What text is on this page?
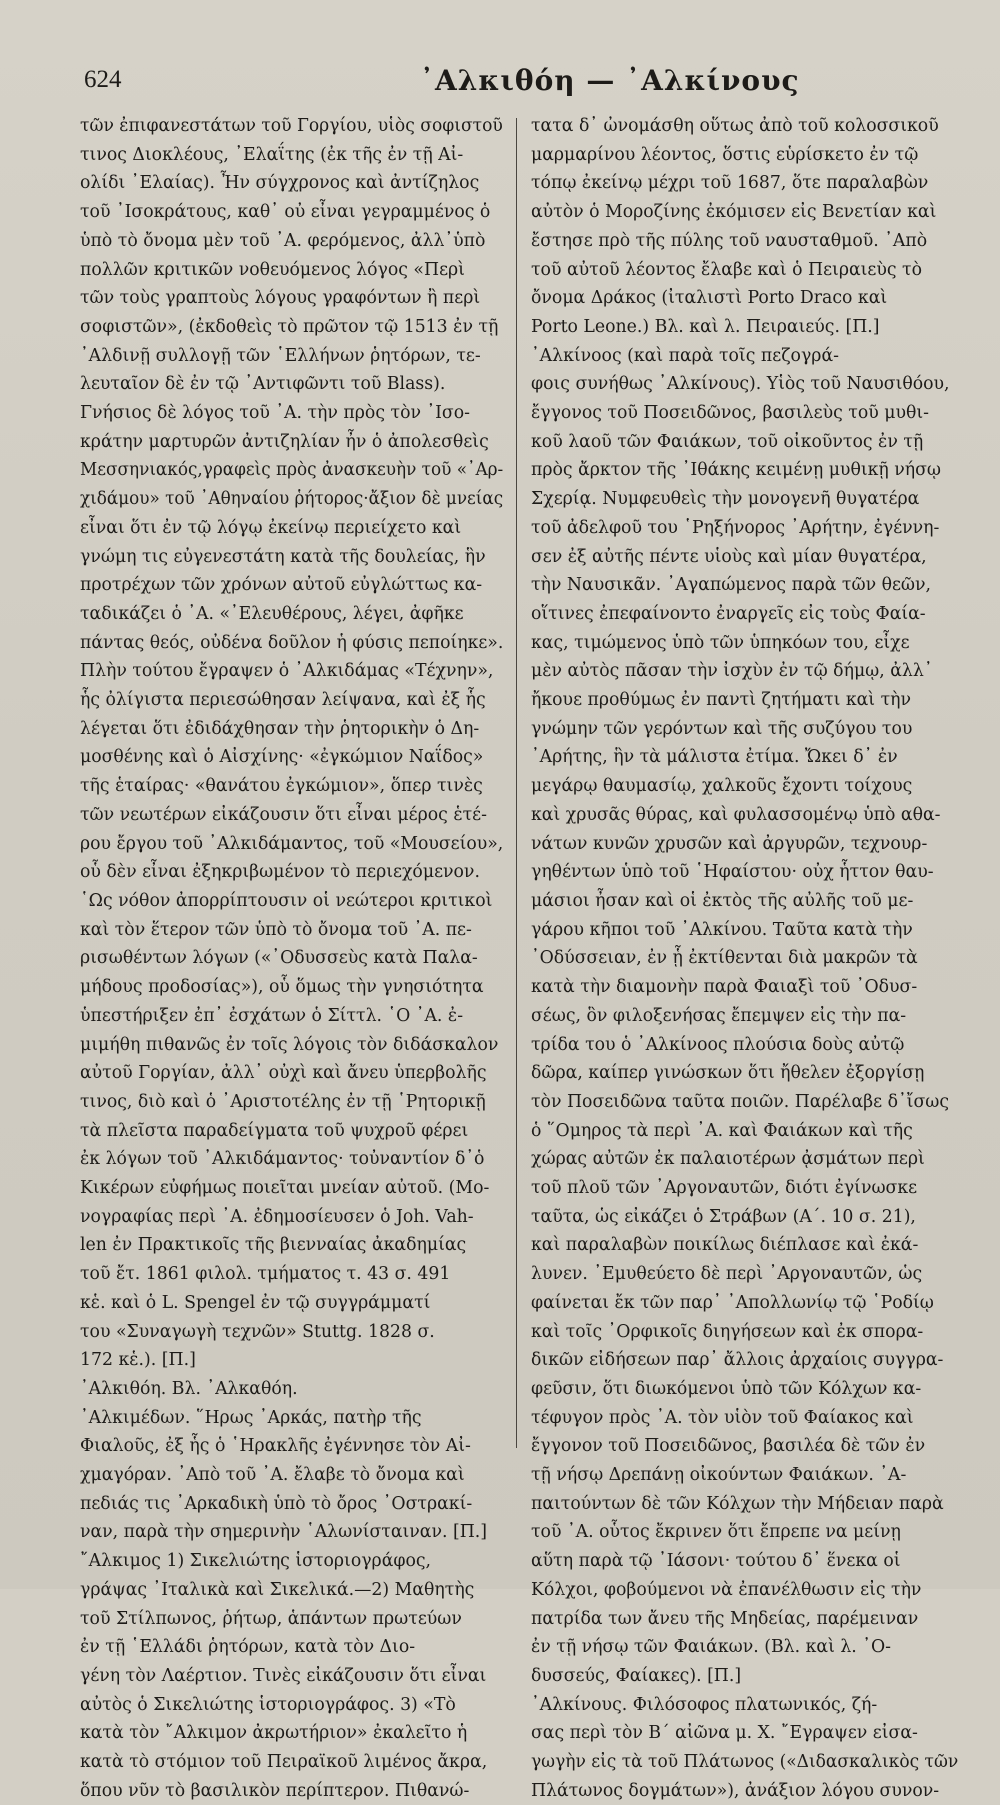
624	᾿Αλκιθόη — ᾿Αλκίνους
τῶν ἐπιφανεστάτων τοῦ Γοργίου, υἱὸς σοφιστοῦ
τινος Διοκλέους, ᾿Ελαΐτης (ἐκ τῆς ἐν τῇ Αἰ-
ολίδι ᾿Ελαίας). Ἦν σύγχρονος καὶ ἀντίζηλος
τοῦ ᾿Ισοκράτους, καθ᾿ οὐ εἶναι γεγραμμένος ὁ
ὑπὸ τὸ ὄνομα μὲν τοῦ ᾿Α. φερόμενος, ἀλλ᾿ὑπὸ
πολλῶν κριτικῶν νοθευόμενος λόγος «Περὶ
τῶν τοὺς γραπτοὺς λόγους γραφόντων ἢ περὶ
σοφιστῶν», (ἐκδοθεὶς τὸ πρῶτον τῷ 1513 ἐν τῇ
᾿Αλδινῇ συλλογῇ τῶν ῾Ελλήνων ῥητόρων, τε-
λευταῖον δὲ ἐν τῷ ᾿Αντιφῶντι τοῦ Blass).
Γνήσιος δὲ λόγος τοῦ ᾿Α. τὴν πρὸς τὸν ᾿Ισο-
κράτην μαρτυρῶν ἀντιζηλίαν ἦν ὁ ἀπολεσθεὶς
Μεσσηνιακός,γραφεὶς πρὸς ἀνασκευὴν τοῦ «᾿Αρ-
χιδάμου» τοῦ ᾿Αθηναίου ῥήτορος·ἄξιον δὲ μνείας
εἶναι ὅτι ἐν τῷ λόγῳ ἐκείνῳ περιείχετο καὶ
γνώμη τις εὐγενεστάτη κατὰ τῆς δουλείας, ἣν
προτρέχων τῶν χρόνων αὐτοῦ εὐγλώττως κα-
ταδικάζει ὁ ᾿Α. «᾿Ελευθέρους, λέγει, ἀφῆκε
πάντας θεός, οὐδένα δοῦλον ἡ φύσις πεποίηκε».
Πλὴν τούτου ἔγραψεν ὁ ᾿Αλκιδάμας «Τέχνην»,
ἧς ὀλίγιστα περιεσώθησαν λείψανα, καὶ ἐξ ἧς
λέγεται ὅτι ἐδιδάχθησαν τὴν ῥητορικὴν ὁ Δη-
μοσθένης καὶ ὁ Αἰσχίνης· «ἐγκώμιον Ναΐδος»
τῆς ἑταίρας· «θανάτου ἐγκώμιον», ὅπερ τινὲς
τῶν νεωτέρων εἰκάζουσιν ὅτι εἶναι μέρος ἑτέ-
ρου ἔργου τοῦ ᾿Αλκιδάμαντος, τοῦ «Μουσείου»,
οὗ δὲν εἶναι ἐξηκριβωμένον τὸ περιεχόμενον.
῾Ως νόθον ἀπορρίπτουσιν οἱ νεώτεροι κριτικοὶ
καὶ τὸν ἕτερον τῶν ὑπὸ τὸ ὄνομα τοῦ ᾿Α. πε-
ρισωθέντων λόγων («᾿Οδυσσεὺς κατὰ Παλα-
μήδους προδοσίας»), οὗ ὅμως τὴν γνησιότητα
ὑπεστήριξεν ἐπ᾿ ἐσχάτων ὁ Σίττλ. ῾Ο ᾿Α. ἐ-
μιμήθη πιθανῶς ἐν τοῖς λόγοις τὸν διδάσκαλον
αὐτοῦ Γοργίαν, ἀλλ᾿ οὐχὶ καὶ ἄνευ ὑπερβολῆς
τινος, διὸ καὶ ὁ ᾿Αριστοτέλης ἐν τῇ ῾Ρητορικῇ
τὰ πλεῖστα παραδείγματα τοῦ ψυχροῦ φέρει
ἐκ λόγων τοῦ ᾿Αλκιδάμαντος· τοὐναντίον δ᾿ὁ
Κικέρων εὐφήμως ποιεῖται μνείαν αὐτοῦ. (Μο-
νογραφίας περὶ ᾿Α. ἐδημοσίευσεν ὁ Joh. Vah-
len ἐν Πρακτικοῖς τῆς βιενναίας ἀκαδημίας
τοῦ ἔτ. 1861 φιλολ. τμήματος τ. 43 σ. 491
κἑ. καὶ ὁ L. Spengel ἐν τῷ συγγράμματί
του «Συναγωγὴ τεχνῶν» Stuttg. 1828 σ.
172 κἑ.). [Π.]
᾿Αλκιθόη. Βλ. ᾿Αλκαθόη.
᾿Αλκιμέδων. ῞Ηρως ᾿Αρκάς, πατὴρ τῆς
Φιαλοῦς, ἐξ ἧς ὁ ῾Ηρακλῆς ἐγέννησε τὸν Αἰ-
χμαγόραν. ᾿Απὸ τοῦ ᾿Α. ἔλαβε τὸ ὄνομα καὶ
πεδιάς τις ᾿Αρκαδικὴ ὑπὸ τὸ ὄρος ᾿Οστρακί-
ναν, παρὰ τὴν σημερινὴν ῾Αλωνίσταιναν. [Π.]
῎Αλκιμος 1) Σικελιώτης ἱστοριογράφος,
γράψας ᾿Ιταλικὰ καὶ Σικελικά.—2) Μαθητὴς
τοῦ Στίλπωνος, ῥήτωρ, ἁπάντων πρωτεύων
ἐν τῇ ῾Ελλάδι ῥητόρων, κατὰ τὸν Διο-
γένη τὸν Λαέρτιον. Τινὲς εἰκάζουσιν ὅτι εἶναι
αὐτὸς ὁ Σικελιώτης ἱστοριογράφος. 3) «Τὸ
κατὰ τὸν ῎Αλκιμον ἀκρωτήριον» ἐκαλεῖτο ἡ
κατὰ τὸ στόμιον τοῦ Πειραϊκοῦ λιμένος ἄκρα,
ὅπου νῦν τὸ βασιλικὸν περίπτερον. Πιθανώ-
τατα δ᾿ ὠνομάσθη οὕτως ἀπὸ τοῦ κολοσσικοῦ
μαρμαρίνου λέοντος, ὅστις εὑρίσκετο ἐν τῷ
τόπῳ ἐκείνῳ μέχρι τοῦ 1687, ὅτε παραλαβὼν
αὐτὸν ὁ Μοροζίνης ἐκόμισεν εἰς Βενετίαν καὶ
ἔστησε πρὸ τῆς πύλης τοῦ ναυσταθμοῦ. ᾿Απὸ
τοῦ αὐτοῦ λέοντος ἔλαβε καὶ ὁ Πειραιεὺς τὸ
ὄνομα Δράκος (ἰταλιστὶ Porto Draco καὶ
Porto Leone.) Βλ. καὶ λ. Πειραιεύς. [Π.]
᾿Αλκίνοος (καὶ παρὰ τοῖς πεζογρά-
φοις συνήθως ᾿Αλκίνους). Υἱὸς τοῦ Ναυσιθόου,
ἔγγονος τοῦ Ποσειδῶνος, βασιλεὺς τοῦ μυθι-
κοῦ λαοῦ τῶν Φαιάκων, τοῦ οἰκοῦντος ἐν τῇ
πρὸς ἄρκτον τῆς ᾿Ιθάκης κειμένῃ μυθικῇ νήσῳ
Σχερίᾳ. Νυμφευθεὶς τὴν μονογενῆ θυγατέρα
τοῦ ἀδελφοῦ του ῾Ρηξήνορος ᾿Αρήτην, ἐγέννη-
σεν ἐξ αὐτῆς πέντε υἱοὺς καὶ μίαν θυγατέρα,
τὴν Ναυσικᾶν. ᾿Αγαπώμενος παρὰ τῶν θεῶν,
οἵτινες ἐπεφαίνοντο ἐναργεῖς εἰς τοὺς Φαία-
κας, τιμώμενος ὑπὸ τῶν ὑπηκόων του, εἶχε
μὲν αὐτὸς πᾶσαν τὴν ἰσχὺν ἐν τῷ δήμῳ, ἀλλ᾿
ἤκουε προθύμως ἐν παντὶ ζητήματι καὶ τὴν
γνώμην τῶν γερόντων καὶ τῆς συζύγου του
᾿Αρήτης, ἣν τὰ μάλιστα ἐτίμα. Ὤκει δ᾿ ἐν
μεγάρῳ θαυμασίῳ, χαλκοῦς ἔχοντι τοίχους
καὶ χρυσᾶς θύρας, καὶ φυλασσομένῳ ὑπὸ αθα-
νάτων κυνῶν χρυσῶν καὶ ἀργυρῶν, τεχνουρ-
γηθέντων ὑπὸ τοῦ ῾Ηφαίστου· οὐχ ἧττον θαυ-
μάσιοι ἦσαν καὶ οἱ ἐκτὸς τῆς αὐλῆς τοῦ με-
γάρου κῆποι τοῦ ᾿Αλκίνου. Ταῦτα κατὰ τὴν
᾿Οδύσσειαν, ἐν ᾗ ἐκτίθενται διὰ μακρῶν τὰ
κατὰ τὴν διαμονὴν παρὰ Φαιαξὶ τοῦ ᾿Οδυσ-
σέως, ὃν φιλοξενήσας ἔπεμψεν εἰς τὴν πα-
τρίδα του ὁ ᾿Αλκίνοος πλούσια δοὺς αὐτῷ
δῶρα, καίπερ γινώσκων ὅτι ἤθελεν ἐξοργίσῃ
τὸν Ποσειδῶνα ταῦτα ποιῶν. Παρέλαβε δ᾿ἴσως
ὁ ῞Ομηρος τὰ περὶ ᾿Α. καὶ Φαιάκων καὶ τῆς
χώρας αὐτῶν ἐκ παλαιοτέρων ᾀσμάτων περὶ
τοῦ πλοῦ τῶν ᾿Αργοναυτῶν, διότι ἐγίνωσκε
ταῦτα, ὡς εἰκάζει ὁ Στράβων (Α΄. 10 σ. 21),
καὶ παραλαβὼν ποικίλως διέπλασε καὶ ἐκά-
λυνεν. ᾿Εμυθεύετο δὲ περὶ ᾿Αργοναυτῶν, ὡς
φαίνεται ἔκ τῶν παρ᾿ ᾿Απολλωνίῳ τῷ ῾Ροδίῳ
καὶ τοῖς ᾿Ορφικοῖς διηγήσεων καὶ ἐκ σπορα-
δικῶν εἰδήσεων παρ᾿ ἄλλοις ἀρχαίοις συγγρα-
φεῦσιν, ὅτι διωκόμενοι ὑπὸ τῶν Κόλχων κα-
τέφυγον πρὸς ᾿Α. τὸν υἱὸν τοῦ Φαίακος καὶ
ἔγγονον τοῦ Ποσειδῶνος, βασιλέα δὲ τῶν ἐν
τῇ νήσῳ Δρεπάνῃ οἰκούντων Φαιάκων. ᾿Α-
παιτούντων δὲ τῶν Κόλχων τὴν Μήδειαν παρὰ
τοῦ ᾿Α. οὗτος ἔκρινεν ὅτι ἔπρεπε να μείνῃ
αὕτη παρὰ τῷ ᾿Ιάσονι· τούτου δ᾿ ἕνεκα οἱ
Κόλχοι, φοβούμενοι νὰ ἐπανέλθωσιν εἰς τὴν
πατρίδα των ἄνευ τῆς Μηδείας, παρέμειναν
ἐν τῇ νήσῳ τῶν Φαιάκων. (Βλ. καὶ λ. ᾿Ο-
δυσσεύς, Φαίακες). [Π.]
᾿Αλκίνους. Φιλόσοφος πλατωνικός, ζή-
σας περὶ τὸν Β΄ αἰῶνα μ. Χ. ῎Εγραψεν εἰσα-
γωγὴν εἰς τὰ τοῦ Πλάτωνος («Διδασκαλικὸς τῶν
Πλάτωνος δογμάτων»), ἀνάξιον λόγου συνον-
